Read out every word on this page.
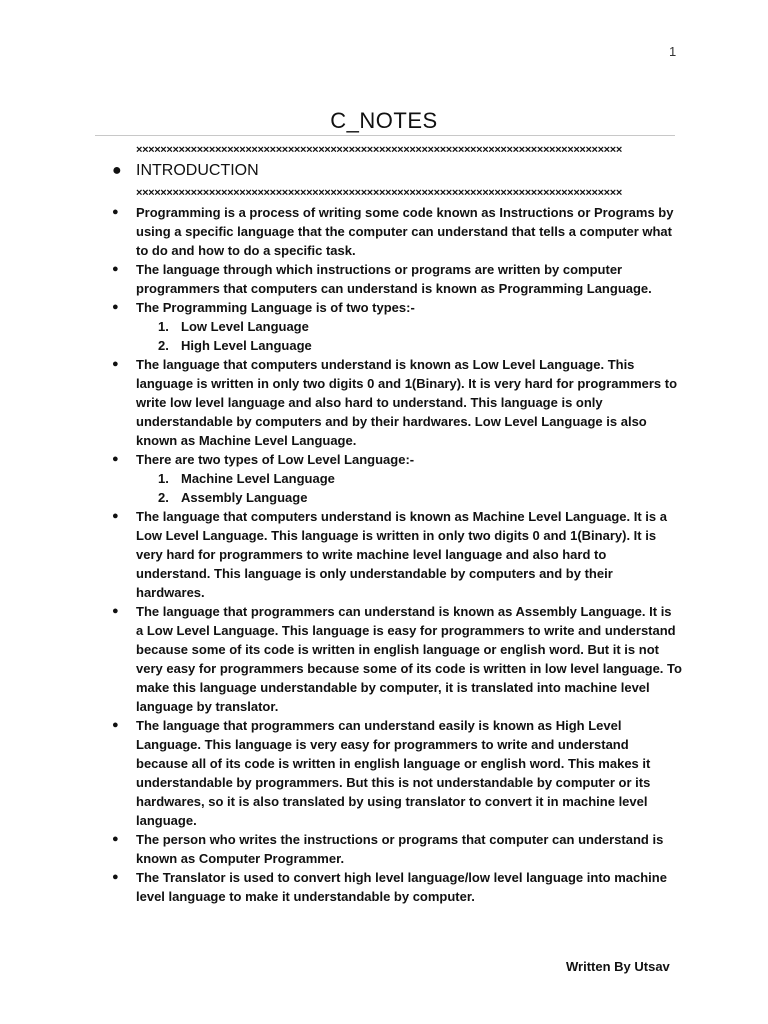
1
C_NOTES
××××××××××××××××××××××××××××××××××××××××××××××××××××××××××××××××××××××××××××××××
● INTRODUCTION
××××××××××××××××××××××××××××××××××××××××××××××××××××××××××××××××××××××××××××××××
● Programming is a process of writing some code known as Instructions or Programs by using a specific language that the computer can understand that tells a computer what to do and how to do a specific task.
● The language through which instructions or programs are written by computer programmers that computers can understand is known as Programming Language.
● The Programming Language is of two types:-
1. Low Level Language
2. High Level Language
● The language that computers understand is known as Low Level Language. This language is written in only two digits 0 and 1(Binary). It is very hard for programmers to write low level language and also hard to understand. This language is only understandable by computers and by their hardwares. Low Level Language is also known as Machine Level Language.
● There are two types of Low Level Language:-
1. Machine Level Language
2. Assembly Language
● The language that computers understand is known as Machine Level Language. It is a Low Level Language. This language is written in only two digits 0 and 1(Binary). It is very hard for programmers to write machine level language and also hard to understand. This language is only understandable by computers and by their hardwares.
● The language that programmers can understand is known as Assembly Language. It is a Low Level Language. This language is easy for programmers to write and understand because some of its code is written in english language or english word. But it is not very easy for programmers because some of its code is written in low level language. To make this language understandable by computer, it is translated into machine level language by translator.
● The language that programmers can understand easily is known as High Level Language. This language is very easy for programmers to write and understand because all of its code is written in english language or english word. This makes it understandable by programmers. But this is not understandable by computer or its hardwares, so it is also translated by using translator to convert it in machine level language.
● The person who writes the instructions or programs that computer can understand is known as Computer Programmer.
● The Translator is used to convert high level language/low level language into machine level language to make it understandable by computer.
Written By Utsav
